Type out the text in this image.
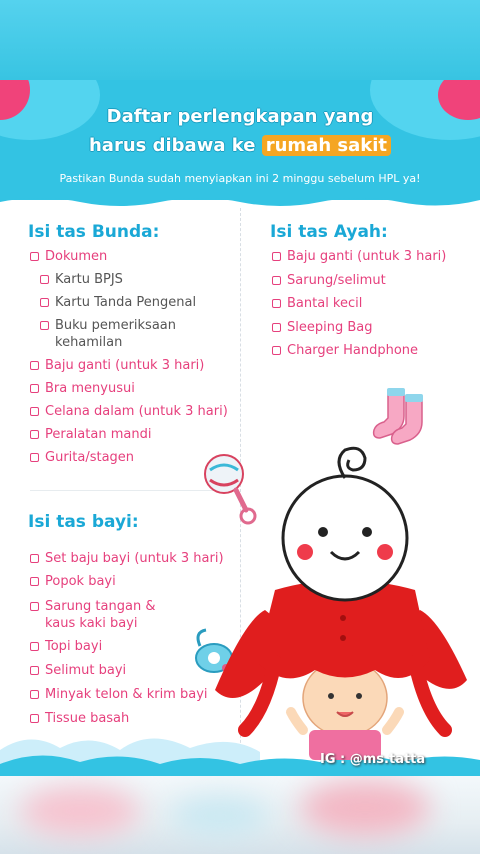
Daftar perlengkapan yang
harus dibawa ke rumah sakit
Pastikan Bunda sudah menyiapkan ini 2 minggu sebelum HPL ya!
Isi tas Bunda:
Dokumen
Kartu BPJS
Kartu Tanda Pengenal
Buku pemeriksaan kehamilan
Baju ganti (untuk 3 hari)
Bra menyusui
Celana dalam (untuk 3 hari)
Peralatan mandi
Gurita/stagen
Isi tas Ayah:
Baju ganti (untuk 3 hari)
Sarung/selimut
Bantal kecil
Sleeping Bag
Charger Handphone
Isi tas bayi:
Set baju bayi (untuk 3 hari)
Popok bayi
Sarung tangan & kaus kaki bayi
Topi bayi
Selimut bayi
Minyak telon & krim bayi
Tissue basah
IG : @ms.tatta
